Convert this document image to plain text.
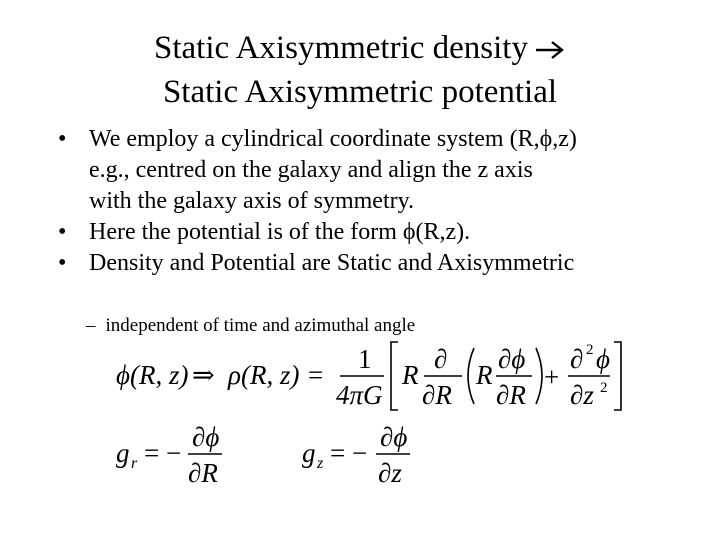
Static Axisymmetric density
Static Axisymmetric potential
• We employ a cylindrical coordinate system (R,ϕ,z)
e.g., centred on the galaxy and align the z axis
with the galaxy axis of symmetry.
• Here the potential is of the form ϕ(R,z).
• Density and Potential are Static and Axisymmetric
– independent of time and azimuthal angle
ϕ(R, z) ⇒ ρ(R, z) =
1
4πG
R
∂
∂R
R
∂ϕ
∂R
+
∂ 2 ϕ
∂z 2
g r = −
∂ϕ
∂R
g z = −
∂ϕ
∂z
